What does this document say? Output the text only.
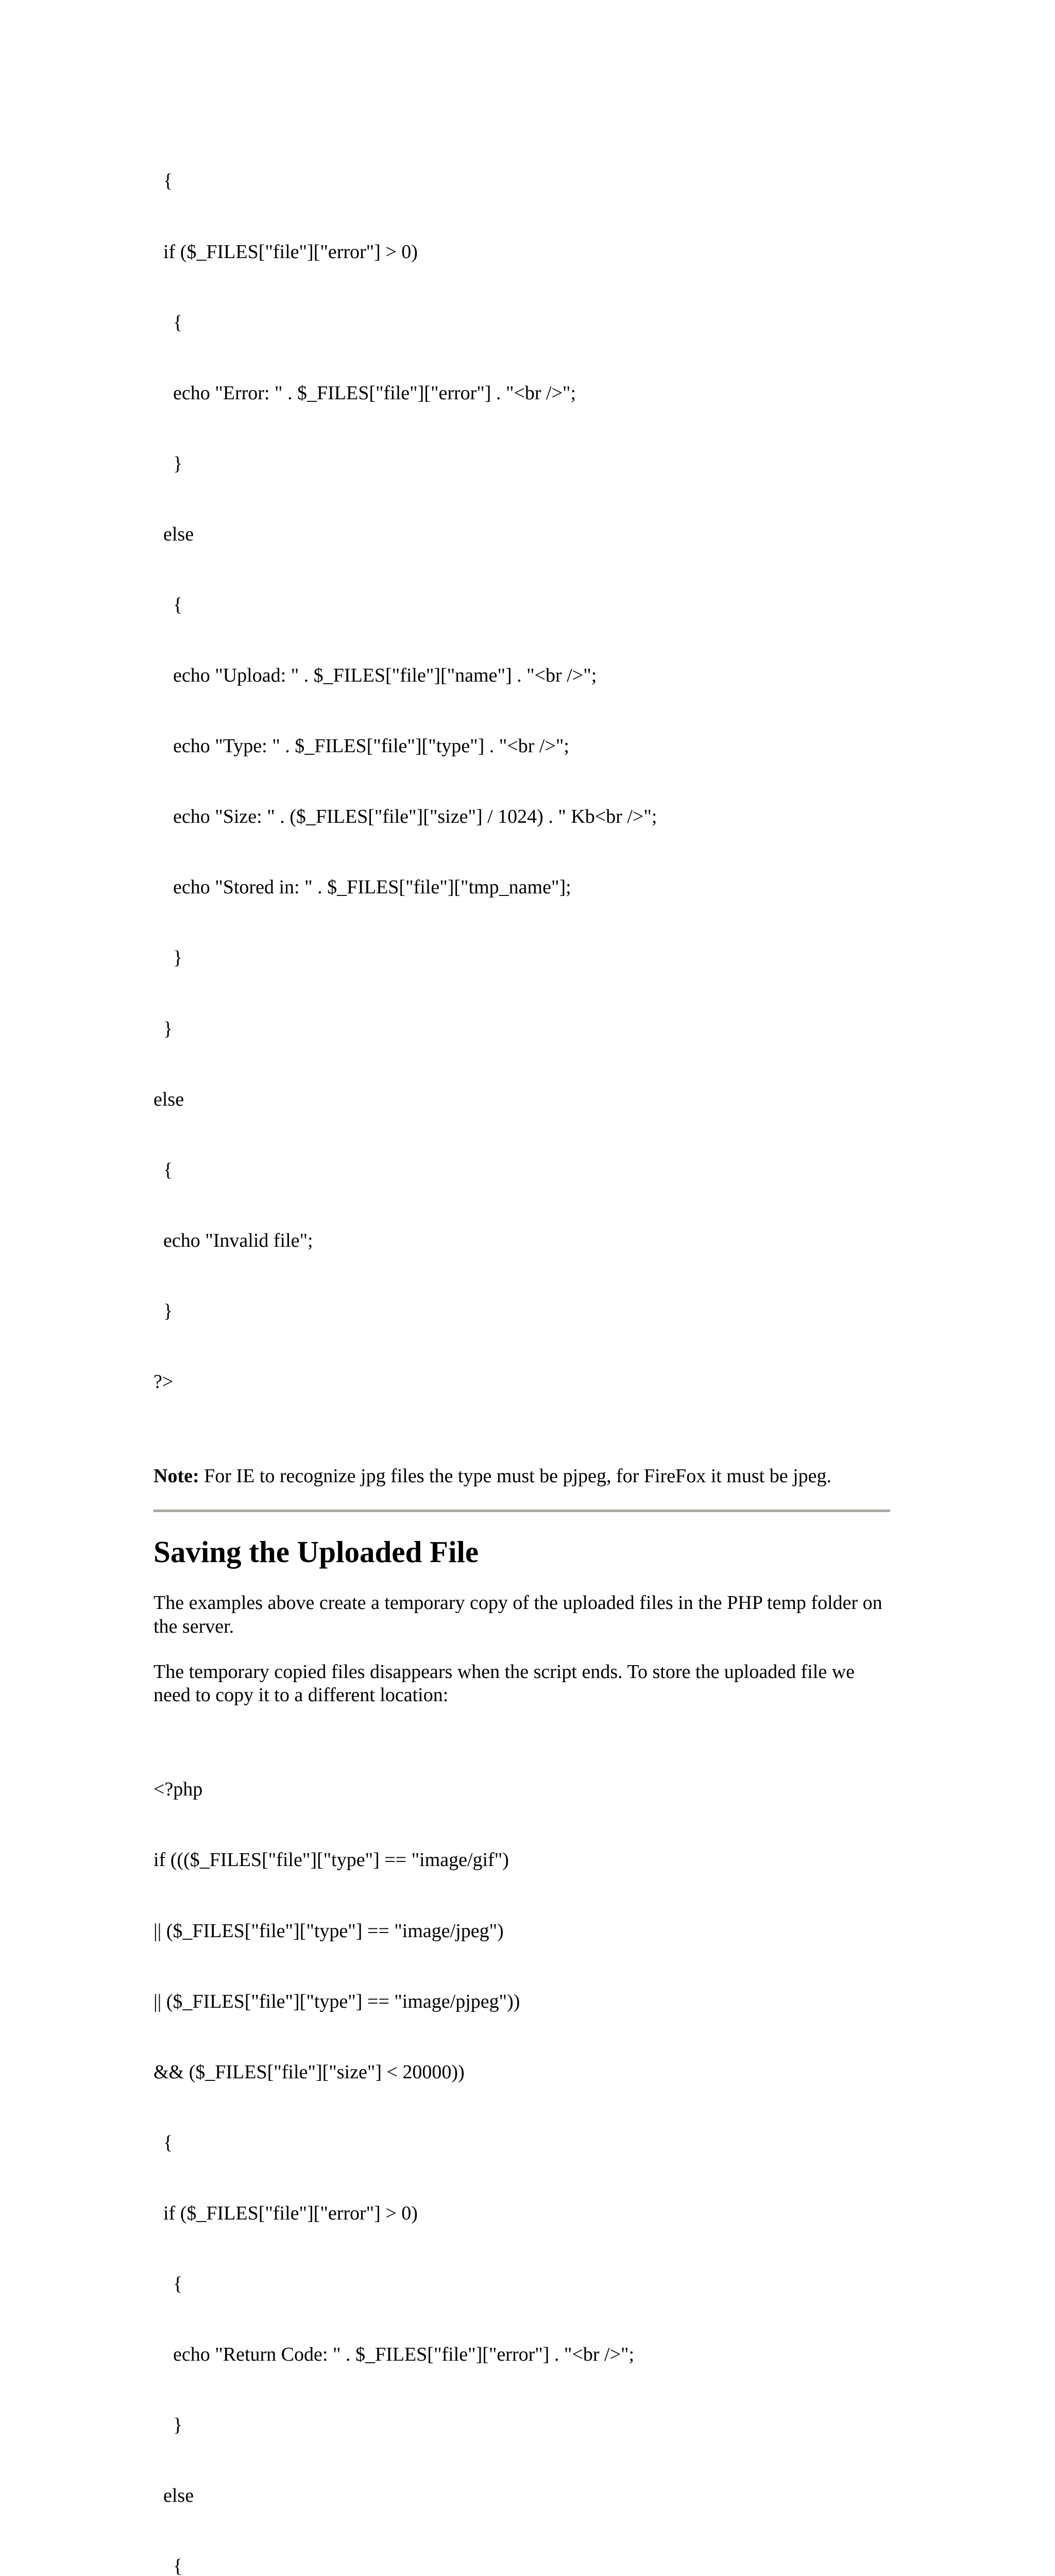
{

if ($_FILES["file"]["error"] > 0)

{

echo "Error: " . $_FILES["file"]["error"] . "<br />";

}

else

{

echo "Upload: " . $_FILES["file"]["name"] . "<br />";

echo "Type: " . $_FILES["file"]["type"] . "<br />";

echo "Size: " . ($_FILES["file"]["size"] / 1024) . " Kb<br />";

echo "Stored in: " . $_FILES["file"]["tmp_name"];

}

}

else

{

echo "Invalid file";

}

?>

Note: For IE to recognize jpg files the type must be pjpeg, for FireFox it must be jpeg.

Saving the Uploaded File

The examples above create a temporary copy of the uploaded files in the PHP temp folder on the server.

The temporary copied files disappears when the script ends. To store the uploaded file we need to copy it to a different location:

<?php

if ((($_FILES["file"]["type"] == "image/gif")

|| ($_FILES["file"]["type"] == "image/jpeg")

|| ($_FILES["file"]["type"] == "image/pjpeg"))

&& ($_FILES["file"]["size"] < 20000))

{

if ($_FILES["file"]["error"] > 0)

{

echo "Return Code: " . $_FILES["file"]["error"] . "<br />";

}

else

{
